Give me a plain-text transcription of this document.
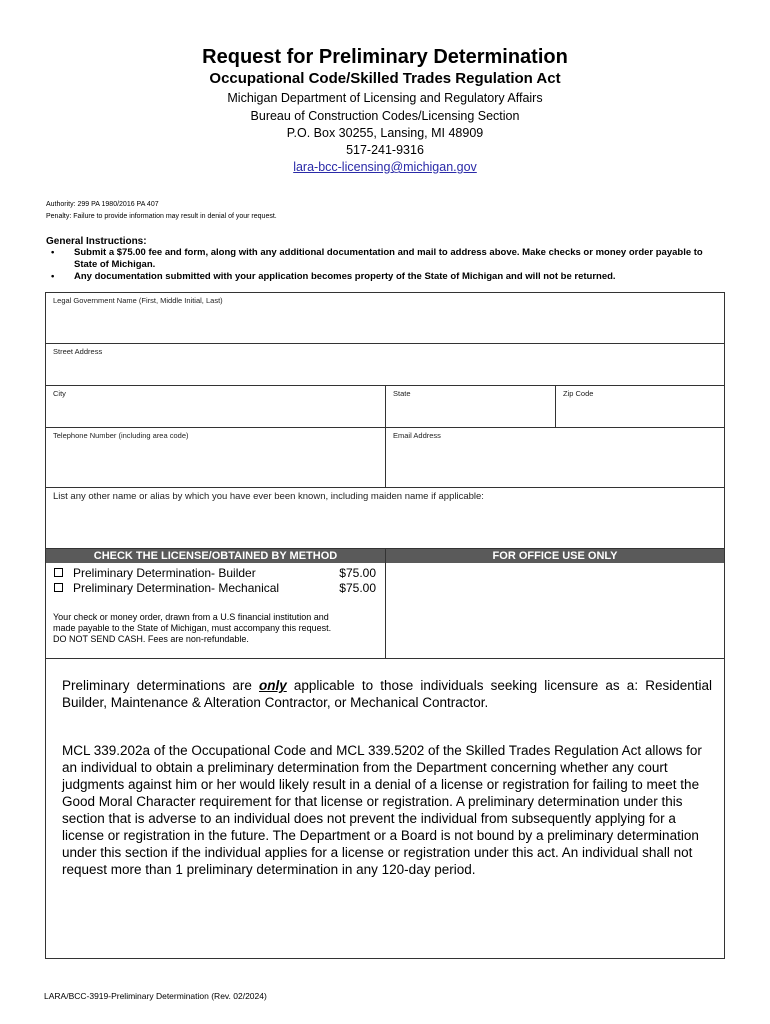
Request for Preliminary Determination
Occupational Code/Skilled Trades Regulation Act
Michigan Department of Licensing and Regulatory Affairs
Bureau of Construction Codes/Licensing Section
P.O. Box 30255, Lansing, MI 48909
517-241-9316
lara-bcc-licensing@michigan.gov
Authority: 299 PA 1980/2016 PA 407
Penalty: Failure to provide information may result in denial of your request.
General Instructions:
• Submit a $75.00 fee and form, along with any additional documentation and mail to address above. Make checks or money order payable to State of Michigan.
• Any documentation submitted with your application becomes property of the State of Michigan and will not be returned.
Legal Government Name (First, Middle Initial, Last)
Street Address
City	State	Zip Code
Telephone Number (including area code)	Email Address
List any other name or alias by which you have ever been known, including maiden name if applicable:
CHECK THE LICENSE/OBTAINED BY METHOD	FOR OFFICE USE ONLY
Preliminary Determination- Builder	$75.00
Preliminary Determination- Mechanical	$75.00
Your check or money order, drawn from a U.S financial institution and
made payable to the State of Michigan, must accompany this request.
DO NOT SEND CASH. Fees are non-refundable.
Preliminary determinations are only applicable to those individuals seeking licensure as a: Residential Builder, Maintenance & Alteration Contractor, or Mechanical Contractor.
MCL 339.202a of the Occupational Code and MCL 339.5202 of the Skilled Trades Regulation Act allows for an individual to obtain a preliminary determination from the Department concerning whether any court judgments against him or her would likely result in a denial of a license or registration for failing to meet the Good Moral Character requirement for that license or registration. A preliminary determination under this section that is adverse to an individual does not prevent the individual from subsequently applying for a license or registration in the future. The Department or a Board is not bound by a preliminary determination under this section if the individual applies for a license or registration under this act. An individual shall not request more than 1 preliminary determination in any 120-day period.
LARA/BCC-3919-Preliminary Determination (Rev. 02/2024)
